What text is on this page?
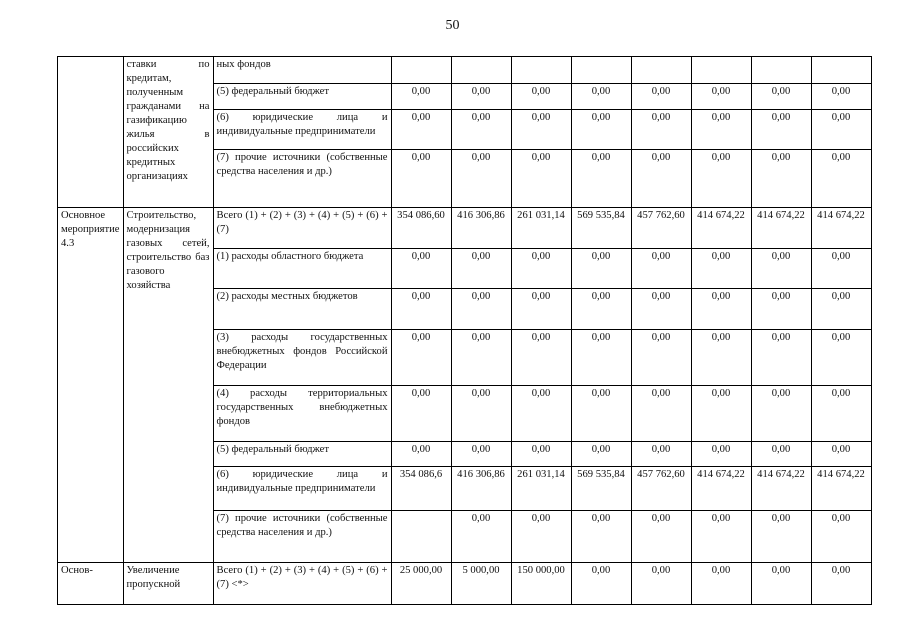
50
	ставки по кредитам, полученным гражданами на газификацию жилья в российских кредитных организациях	ных фондов								
		(5) федеральный бюджет	0,00	0,00	0,00	0,00	0,00	0,00	0,00	0,00
		(6) юридические лица и индивидуальные предприниматели	0,00	0,00	0,00	0,00	0,00	0,00	0,00	0,00
		(7) прочие источники (собственные средства населения и др.)	0,00	0,00	0,00	0,00	0,00	0,00	0,00	0,00
Основное мероприятие 4.3	Строительство, модернизация газовых сетей, строительство баз газового хозяйства	Всего (1) + (2) + (3) + (4) + (5) + (6) + (7)	354 086,60	416 306,86	261 031,14	569 535,84	457 762,60	414 674,22	414 674,22	414 674,22
		(1) расходы областного бюджета	0,00	0,00	0,00	0,00	0,00	0,00	0,00	0,00
		(2) расходы местных бюджетов	0,00	0,00	0,00	0,00	0,00	0,00	0,00	0,00
		(3) расходы государственных внебюджетных фондов Российской Федерации	0,00	0,00	0,00	0,00	0,00	0,00	0,00	0,00
		(4) расходы территориальных государственных внебюджетных фондов	0,00	0,00	0,00	0,00	0,00	0,00	0,00	0,00
		(5) федеральный бюджет	0,00	0,00	0,00	0,00	0,00	0,00	0,00	0,00
		(6) юридические лица и индивидуальные предприниматели	354 086,6	416 306,86	261 031,14	569 535,84	457 762,60	414 674,22	414 674,22	414 674,22
		(7) прочие источники (собственные средства населения и др.)		0,00	0,00	0,00	0,00	0,00	0,00	0,00
Основ-	Увеличение пропускной	Всего (1) + (2) + (3) + (4) + (5) + (6) + (7) <*>	25 000,00	5 000,00	150 000,00	0,00	0,00	0,00	0,00	0,00
